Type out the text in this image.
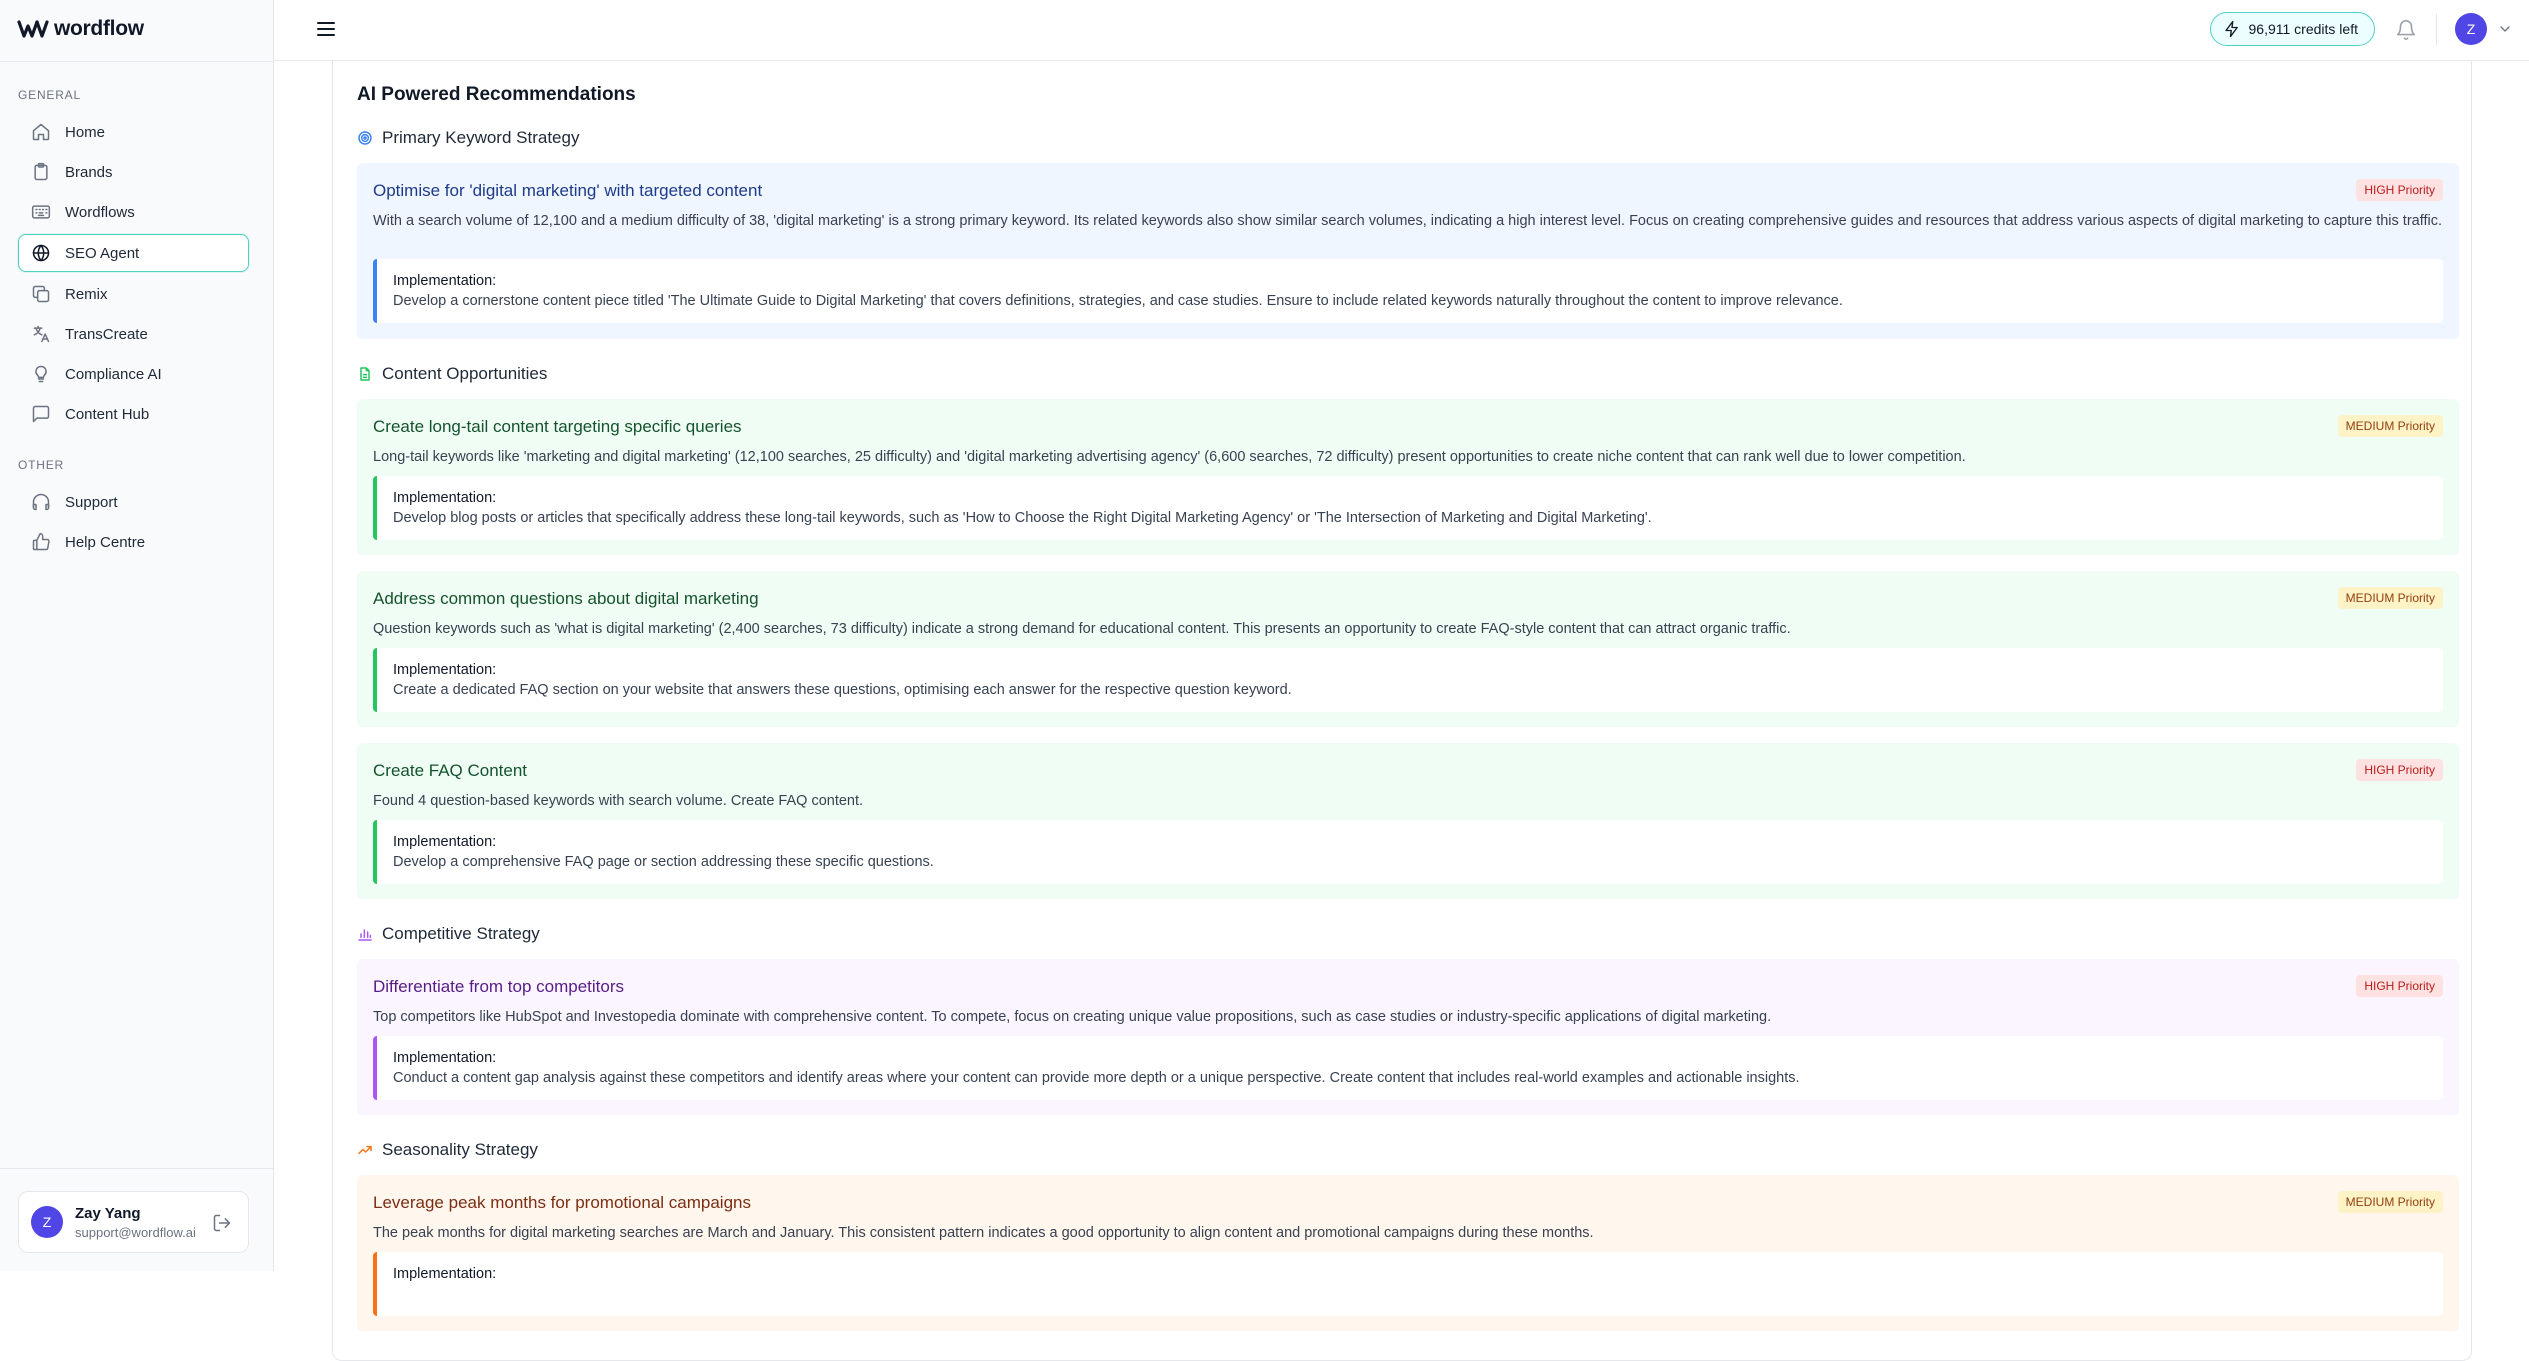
wordflow
GENERAL
Home
Brands
Wordflows
SEO Agent
Remix
TransCreate
Compliance AI
Content Hub
OTHER
Support
Help Centre
Z
Zay Yang
support@wordflow.ai
96,911 credits left	Z
AI Powered Recommendations
Primary Keyword Strategy
Optimise for 'digital marketing' with targeted content	HIGH Priority
With a search volume of 12,100 and a medium difficulty of 38, 'digital marketing' is a strong primary keyword. Its related keywords also show similar search volumes, indicating a high interest level. Focus on creating comprehensive guides and resources that address various aspects of digital marketing to capture this traffic.
Implementation:
Develop a cornerstone content piece titled 'The Ultimate Guide to Digital Marketing' that covers definitions, strategies, and case studies. Ensure to include related keywords naturally throughout the content to improve relevance.
Content Opportunities
Create long-tail content targeting specific queries	MEDIUM Priority
Long-tail keywords like 'marketing and digital marketing' (12,100 searches, 25 difficulty) and 'digital marketing advertising agency' (6,600 searches, 72 difficulty) present opportunities to create niche content that can rank well due to lower competition.
Implementation:
Develop blog posts or articles that specifically address these long-tail keywords, such as 'How to Choose the Right Digital Marketing Agency' or 'The Intersection of Marketing and Digital Marketing'.
Address common questions about digital marketing	MEDIUM Priority
Question keywords such as 'what is digital marketing' (2,400 searches, 73 difficulty) indicate a strong demand for educational content. This presents an opportunity to create FAQ-style content that can attract organic traffic.
Implementation:
Create a dedicated FAQ section on your website that answers these questions, optimising each answer for the respective question keyword.
Create FAQ Content	HIGH Priority
Found 4 question-based keywords with search volume. Create FAQ content.
Implementation:
Develop a comprehensive FAQ page or section addressing these specific questions.
Competitive Strategy
Differentiate from top competitors	HIGH Priority
Top competitors like HubSpot and Investopedia dominate with comprehensive content. To compete, focus on creating unique value propositions, such as case studies or industry-specific applications of digital marketing.
Implementation:
Conduct a content gap analysis against these competitors and identify areas where your content can provide more depth or a unique perspective. Create content that includes real-world examples and actionable insights.
Seasonality Strategy
Leverage peak months for promotional campaigns	MEDIUM Priority
The peak months for digital marketing searches are March and January. This consistent pattern indicates a good opportunity to align content and promotional campaigns during these months.
Implementation:
